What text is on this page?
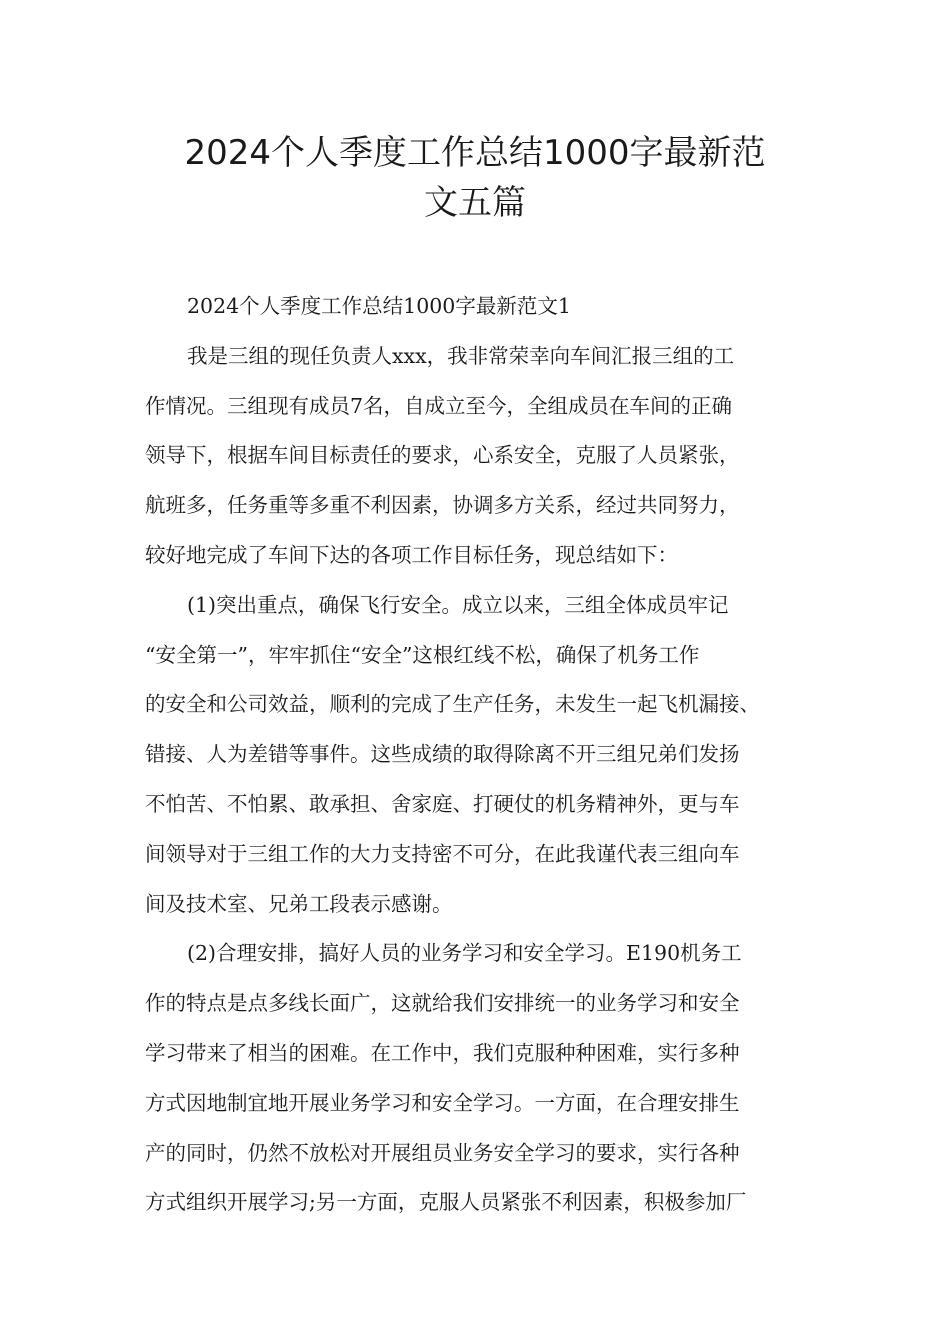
2024个人季度工作总结1000字最新范
文五篇
2024个人季度工作总结1000字最新范文1
我是三组的现任负责人xxx，我非常荣幸向车间汇报三组的工
作情况。三组现有成员7名，自成立至今，全组成员在车间的正确
领导下，根据车间目标责任的要求，心系安全，克服了人员紧张，
航班多，任务重等多重不利因素，协调多方关系，经过共同努力，
较好地完成了车间下达的各项工作目标任务，现总结如下：
(1)突出重点，确保飞行安全。成立以来，三组全体成员牢记
“安全第一”，牢牢抓住“安全”这根红线不松，确保了机务工作
的安全和公司效益，顺利的完成了生产任务，未发生一起飞机漏接、
错接、人为差错等事件。这些成绩的取得除离不开三组兄弟们发扬
不怕苦、不怕累、敢承担、舍家庭、打硬仗的机务精神外，更与车
间领导对于三组工作的大力支持密不可分，在此我谨代表三组向车
间及技术室、兄弟工段表示感谢。
(2)合理安排，搞好人员的业务学习和安全学习。E190机务工
作的特点是点多线长面广，这就给我们安排统一的业务学习和安全
学习带来了相当的困难。在工作中，我们克服种种困难，实行多种
方式因地制宜地开展业务学习和安全学习。一方面，在合理安排生
产的同时，仍然不放松对开展组员业务安全学习的要求，实行各种
方式组织开展学习;另一方面，克服人员紧张不利因素，积极参加厂
